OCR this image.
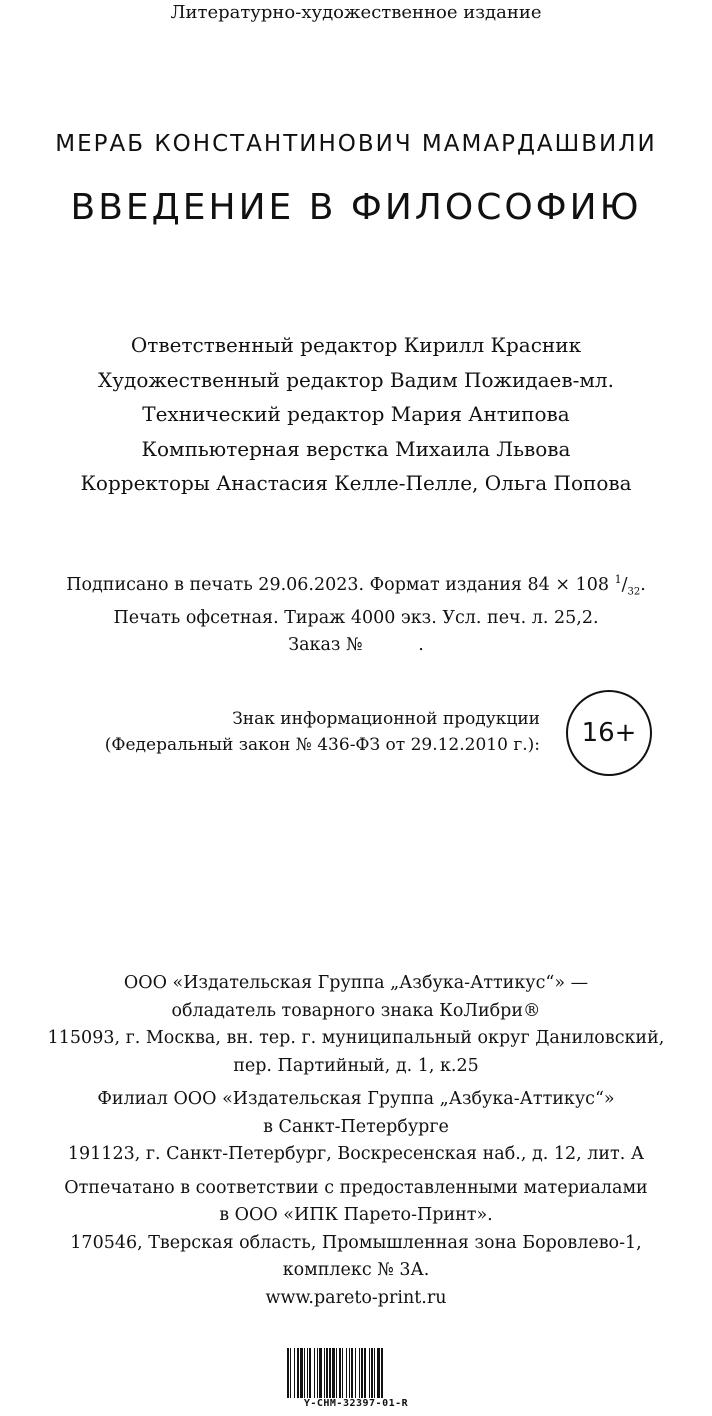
Литературно-художественное издание
МЕРАБ КОНСТАНТИНОВИЧ МАМАРДАШВИЛИ
ВВЕДЕНИЕ В ФИЛОСОФИЮ
Ответственный редактор Кирилл Красник
Художественный редактор Вадим Пожидаев-мл.
Технический редактор Мария Антипова
Компьютерная верстка Михаила Львова
Корректоры Анастасия Келле-Пелле, Ольга Попова
Подписано в печать 29.06.2023. Формат издания 84 × 108 $^1/_{32}$.
Печать офсетная. Тираж 4000 экз. Усл. печ. л. 25,2.
Заказ №          .
Знак информационной продукции
(Федеральный закон № 436-ФЗ от 29.12.2010 г.):	16+
ООО «Издательская Группа „Азбука-Аттикус“» —
обладатель товарного знака КоЛибри®
115093, г. Москва, вн. тер. г. муниципальный округ Даниловский,
пер. Партийный, д. 1, к.25
Филиал ООО «Издательская Группа „Азбука-Аттикус“»
в Санкт-Петербурге
191123, г. Санкт-Петербург, Воскресенская наб., д. 12, лит. А
Отпечатано в соответствии с предоставленными материалами
в ООО «ИПК Парето-Принт».
170546, Тверская область, Промышленная зона Боровлево-1,
комплекс № 3А.
www.pareto-print.ru
Y-CHM-32397-01-R
